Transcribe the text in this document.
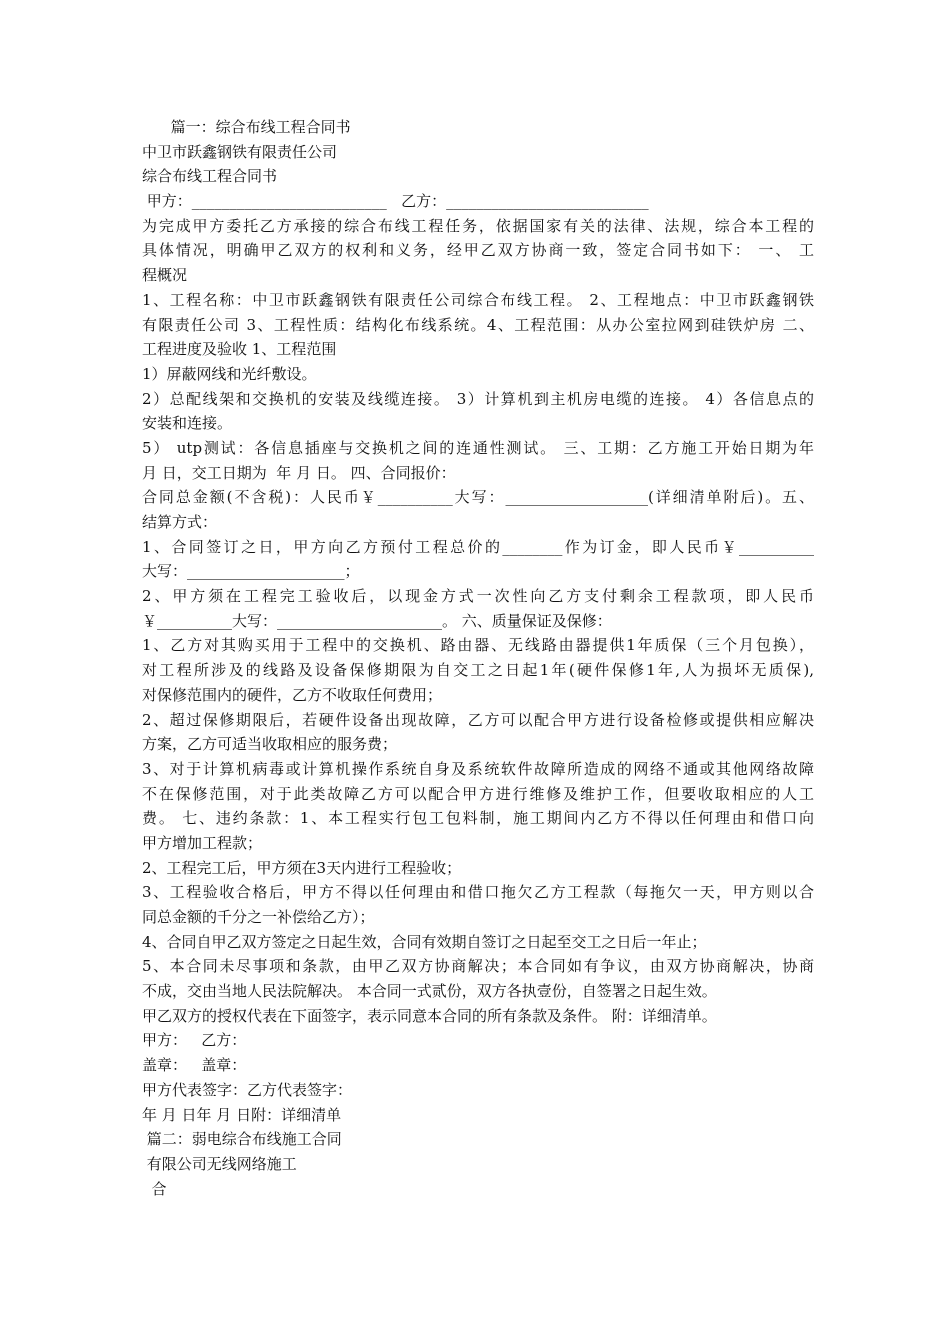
篇一：综合布线工程合同书
中卫市跃鑫钢铁有限责任公司
综合布线工程合同书
甲方：__________________________   乙方：___________________________
为完成甲方委托乙方承接的综合布线工程任务，依据国家有关的法律、法规，综合本工程的
具体情况，明确甲乙双方的权利和义务，经甲乙双方协商一致，签定合同书如下： 一、 工
程概况
1、工程名称：中卫市跃鑫钢铁有限责任公司综合布线工程。 2、工程地点：中卫市跃鑫钢铁
有限责任公司 3、工程性质：结构化布线系统。4、工程范围：从办公室拉网到硅铁炉房 二、
工程进度及验收 1、工程范围
1）屏蔽网线和光纤敷设。
2）总配线架和交换机的安装及线缆连接。 3）计算机到主机房电缆的连接。 4）各信息点的
安装和连接。
5） utp测试：各信息插座与交换机之间的连通性测试。 三、工期：乙方施工开始日期为年
月 日，交工日期为  年 月 日。 四、合同报价：
合同总金额(不含税)：人民币￥__________大写：___________________(详细清单附后)。五、
结算方式：
1、合同签订之日，甲方向乙方预付工程总价的________作为订金，即人民币￥__________
大写：_____________________；
2、甲方须在工程完工验收后，以现金方式一次性向乙方支付剩余工程款项，即人民币
￥__________大写：______________________。 六、质量保证及保修：
1、乙方对其购买用于工程中的交换机、路由器、无线路由器提供1年质保（三个月包换），
对工程所涉及的线路及设备保修期限为自交工之日起1年(硬件保修1年,人为损坏无质保),
对保修范围内的硬件，乙方不收取任何费用；
2、超过保修期限后，若硬件设备出现故障，乙方可以配合甲方进行设备检修或提供相应解决
方案，乙方可适当收取相应的服务费；
3、对于计算机病毒或计算机操作系统自身及系统软件故障所造成的网络不通或其他网络故障
不在保修范围，对于此类故障乙方可以配合甲方进行维修及维护工作，但要收取相应的人工
费。 七、违约条款：1、本工程实行包工包料制，施工期间内乙方不得以任何理由和借口向
甲方增加工程款；
2、工程完工后，甲方须在3天内进行工程验收；
3、工程验收合格后，甲方不得以任何理由和借口拖欠乙方工程款（每拖欠一天，甲方则以合
同总金额的千分之一补偿给乙方）；
4、合同自甲乙双方签定之日起生效，合同有效期自签订之日起至交工之日后一年止；
5、本合同未尽事项和条款，由甲乙双方协商解决；本合同如有争议，由双方协商解决，协商
不成，交由当地人民法院解决。 本合同一式贰份，双方各执壹份，自签署之日起生效。
甲乙双方的授权代表在下面签字，表示同意本合同的所有条款及条件。 附：详细清单。
甲方：   乙方：
盖章：   盖章：
甲方代表签字：乙方代表签字：
年 月 日年 月 日附：详细清单
篇二：弱电综合布线施工合同
有限公司无线网络施工
合
